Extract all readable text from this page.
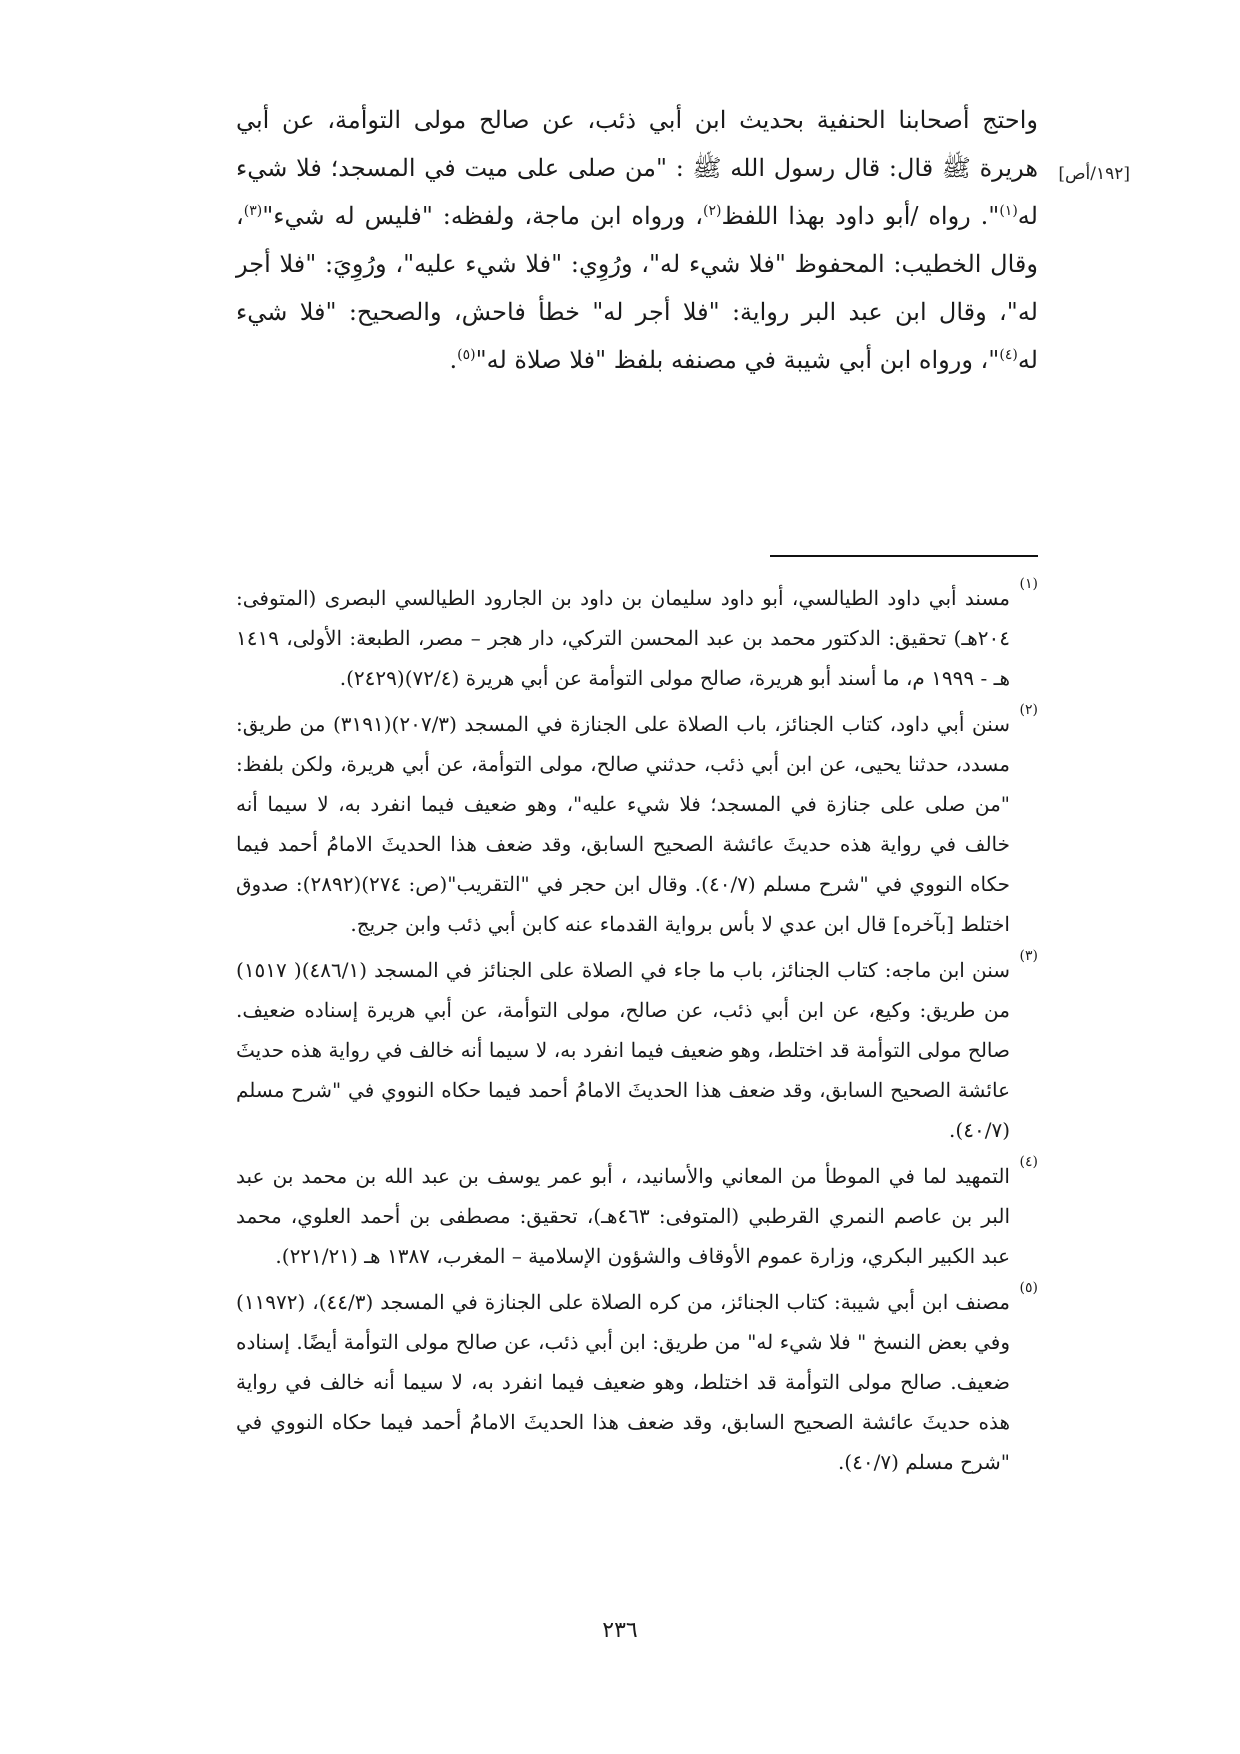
واحتج أصحابنا الحنفية بحديث ابن أبي ذئب، عن صالح مولى التوأمة، عن أبي هريرة ﷺ قال: قال رسول الله ﷺ : "من صلى على ميت في المسجد؛ فلا شيء له$^{(١)}$". رواه /أبو داود بهذا اللفظ$^{(٢)}$، ورواه ابن ماجة، ولفظه: "فليس له شيء"$^{(٣)}$، وقال الخطيب: المحفوظ "فلا شيء له"، ورُوِي: "فلا شيء عليه"، ورُوِيَ: "فلا أجر له"، وقال ابن عبد البر رواية: "فلا أجر له" خطأ فاحش، والصحيح: "فلا شيء له$^{(٤)}$"، ورواه ابن أبي شيبة في مصنفه بلفظ "فلا صلاة له"$^{(٥)}$.

[١٩٢/أص]
(١)
مسند أبي داود الطيالسي، أبو داود سليمان بن داود بن الجارود الطيالسي البصرى (المتوفى: ٢٠٤هـ) تحقيق: الدكتور محمد بن عبد المحسن التركي، دار هجر – مصر، الطبعة: الأولى، ١٤١٩ هـ - ١٩٩٩ م، ما أسند أبو هريرة، صالح مولى التوأمة عن أبي هريرة (٧٢/٤)(٢٤٢٩).
(٢)
سنن أبي داود، كتاب الجنائز، باب الصلاة على الجنازة في المسجد (٢٠٧/٣)(٣١٩١) من طريق: مسدد، حدثنا يحيى، عن ابن أبي ذئب، حدثني صالح، مولى التوأمة، عن أبي هريرة، ولكن بلفظ: "من صلى على جنازة في المسجد؛ فلا شيء عليه"، وهو ضعيف فيما انفرد به، لا سيما أنه خالف في رواية هذه حديثَ عائشة الصحيح السابق، وقد ضعف هذا الحديثَ الامامُ أحمد فيما حكاه النووي في "شرح مسلم (٤٠/٧). وقال ابن حجر في "التقريب"(ص: ٢٧٤)(٢٨٩٢): صدوق اختلط [بآخره] قال ابن عدي لا بأس برواية القدماء عنه كابن أبي ذئب وابن جريج.
(٣)
سنن ابن ماجه: كتاب الجنائز، باب ما جاء في الصلاة على الجنائز في المسجد (٤٨٦/١)( ١٥١٧) من طريق: وكيع، عن ابن أبي ذئب، عن صالح، مولى التوأمة، عن أبي هريرة إسناده ضعيف. صالح مولى التوأمة قد اختلط، وهو ضعيف فيما انفرد به، لا سيما أنه خالف في رواية هذه حديثَ عائشة الصحيح السابق، وقد ضعف هذا الحديثَ الامامُ أحمد فيما حكاه النووي في "شرح مسلم (٤٠/٧).
(٤)
التمهيد لما في الموطأ من المعاني والأسانيد، ، أبو عمر يوسف بن عبد الله بن محمد بن عبد البر بن عاصم النمري القرطبي (المتوفى: ٤٦٣هـ)، تحقيق: مصطفى بن أحمد العلوي، محمد عبد الكبير البكري، وزارة عموم الأوقاف والشؤون الإسلامية – المغرب، ١٣٨٧ هـ (٢٢١/٢١).
(٥)
مصنف ابن أبي شيبة: كتاب الجنائز، من كره الصلاة على الجنازة في المسجد (٤٤/٣)، (١١٩٧٢) وفي بعض النسخ " فلا شيء له" من طريق: ابن أبي ذئب، عن صالح مولى التوأمة أيضًا. إسناده ضعيف. صالح مولى التوأمة قد اختلط، وهو ضعيف فيما انفرد به، لا سيما أنه خالف في رواية هذه حديثَ عائشة الصحيح السابق، وقد ضعف هذا الحديثَ الامامُ أحمد فيما حكاه النووي في "شرح مسلم (٤٠/٧).
٢٣٦
